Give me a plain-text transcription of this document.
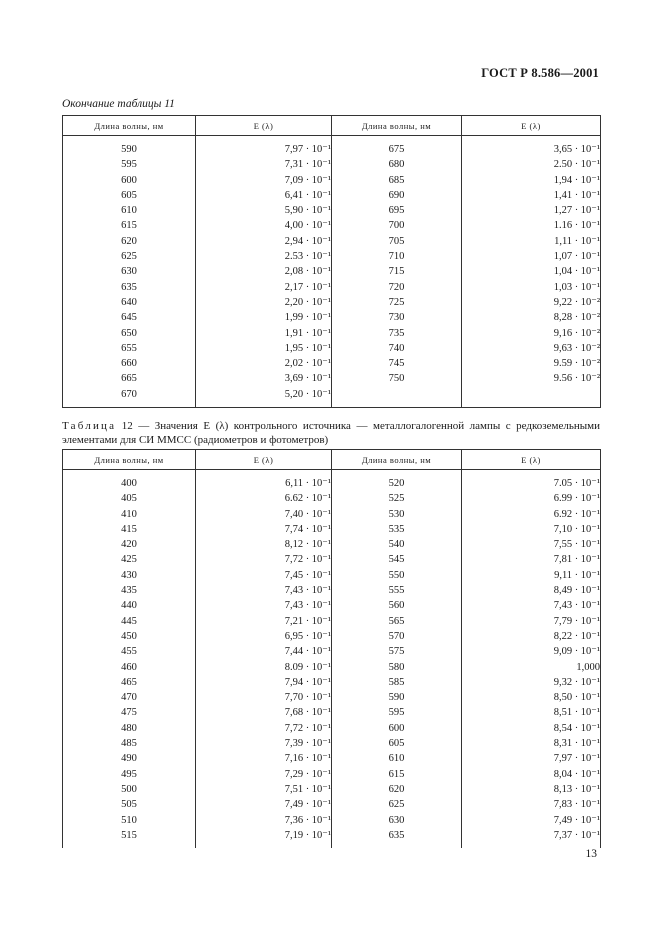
ГОСТ Р 8.586—2001
Окончание таблицы 11
Длина волны, нм	E (λ)	Длина волны, нм	E (λ)
590	7,97 · 10⁻¹	675	3,65 · 10⁻¹
595	7,31 · 10⁻¹	680	2.50 · 10⁻¹
600	7,09 · 10⁻¹	685	1,94 · 10⁻¹
605	6,41 · 10⁻¹	690	1,41 · 10⁻¹
610	5,90 · 10⁻¹	695	1,27 · 10⁻¹
615	4,00 · 10⁻¹	700	1.16 · 10⁻¹
620	2,94 · 10⁻¹	705	1,11 · 10⁻¹
625	2.53 · 10⁻¹	710	1,07 · 10⁻¹
630	2,08 · 10⁻¹	715	1,04 · 10⁻¹
635	2,17 · 10⁻¹	720	1,03 · 10⁻¹
640	2,20 · 10⁻¹	725	9,22 · 10⁻²
645	1,99 · 10⁻¹	730	8,28 · 10⁻²
650	1,91 · 10⁻¹	735	9,16 · 10⁻²
655	1,95 · 10⁻¹	740	9,63 · 10⁻²
660	2,02 · 10⁻¹	745	9.59 · 10⁻²
665	3,69 · 10⁻¹	750	9.56 · 10⁻²
670	5,20 · 10⁻¹		
Таблица 12 — Значения E (λ) контрольного источника — металлогалогенной лампы с редкоземельными элементами для СИ ММСС (радиометров и фотометров)
Длина волны, нм	E (λ)	Длина волны, нм	E (λ)
400	6,11 · 10⁻¹	520	7.05 · 10⁻¹
405	6.62 · 10⁻¹	525	6.99 · 10⁻¹
410	7,40 · 10⁻¹	530	6.92 · 10⁻¹
415	7,74 · 10⁻¹	535	7,10 · 10⁻¹
420	8,12 · 10⁻¹	540	7,55 · 10⁻¹
425	7,72 · 10⁻¹	545	7,81 · 10⁻¹
430	7,45 · 10⁻¹	550	9,11 · 10⁻¹
435	7,43 · 10⁻¹	555	8,49 · 10⁻¹
440	7,43 · 10⁻¹	560	7,43 · 10⁻¹
445	7,21 · 10⁻¹	565	7,79 · 10⁻¹
450	6,95 · 10⁻¹	570	8,22 · 10⁻¹
455	7,44 · 10⁻¹	575	9,09 · 10⁻¹
460	8.09 · 10⁻¹	580	1,000
465	7,94 · 10⁻¹	585	9,32 · 10⁻¹
470	7,70 · 10⁻¹	590	8,50 · 10⁻¹
475	7,68 · 10⁻¹	595	8,51 · 10⁻¹
480	7,72 · 10⁻¹	600	8,54 · 10⁻¹
485	7,39 · 10⁻¹	605	8,31 · 10⁻¹
490	7,16 · 10⁻¹	610	7,97 · 10⁻¹
495	7,29 · 10⁻¹	615	8,04 · 10⁻¹
500	7,51 · 10⁻¹	620	8,13 · 10⁻¹
505	7,49 · 10⁻¹	625	7,83 · 10⁻¹
510	7,36 · 10⁻¹	630	7,49 · 10⁻¹
515	7,19 · 10⁻¹	635	7,37 · 10⁻¹
13
